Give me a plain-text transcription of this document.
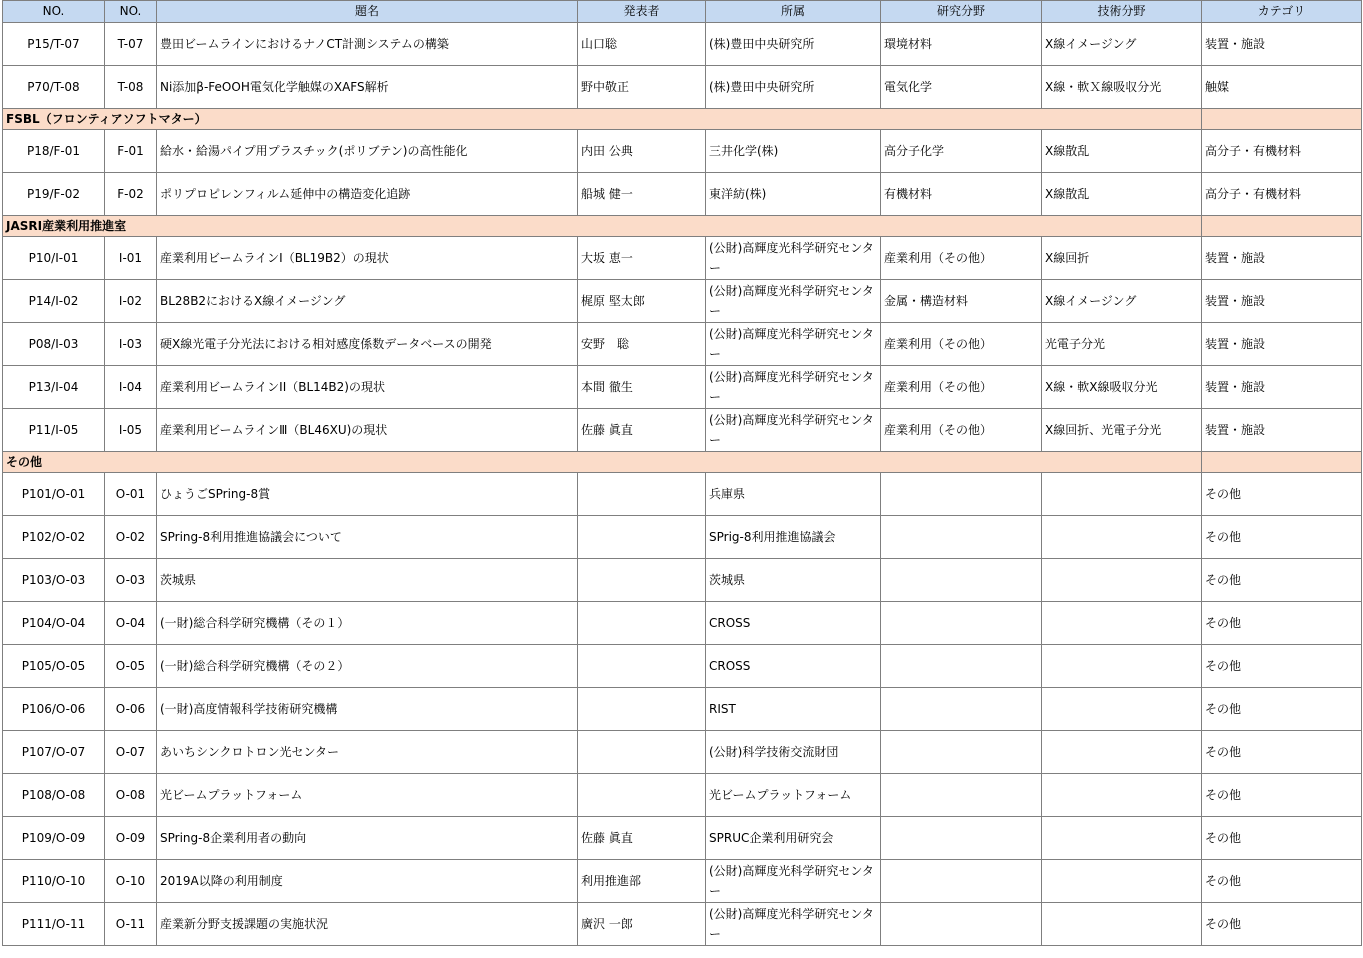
NO.	NO.	題名	発表者	所属	研究分野	技術分野	カテゴリ
P15/T-07	T-07	豊田ビームラインにおけるナノCT計測システムの構築	山口聡	(株)豊田中央研究所	環境材料	X線イメージング	装置・施設
P70/T-08	T-08	Ni添加β-FeOOH電気化学触媒のXAFS解析	野中敬正	(株)豊田中央研究所	電気化学	X線・軟Ｘ線吸収分光	触媒
FSBL（フロンティアソフトマター）							
P18/F-01	F-01	給水・給湯パイプ用プラスチック(ポリブテン)の高性能化	内田 公典	三井化学(株)	高分子化学	X線散乱	高分子・有機材料
P19/F-02	F-02	ポリプロピレンフィルム延伸中の構造変化追跡	船城 健一	東洋紡(株)	有機材料	X線散乱	高分子・有機材料
JASRI産業利用推進室							
P10/I-01	I-01	産業利用ビームラインI（BL19B2）の現状	大坂 恵一	(公財)高輝度光科学研究センター	産業利用（その他）	X線回折	装置・施設
P14/I-02	I-02	BL28B2におけるX線イメージング	梶原 堅太郎	(公財)高輝度光科学研究センター	金属・構造材料	X線イメージング	装置・施設
P08/I-03	I-03	硬X線光電子分光法における相対感度係数データベースの開発	安野　聡	(公財)高輝度光科学研究センター	産業利用（その他）	光電子分光	装置・施設
P13/I-04	I-04	産業利用ビームラインII（BL14B2)の現状	本間 徹生	(公財)高輝度光科学研究センター	産業利用（その他）	X線・軟X線吸収分光	装置・施設
P11/I-05	I-05	産業利用ビームラインⅢ（BL46XU)の現状	佐藤 眞直	(公財)高輝度光科学研究センター	産業利用（その他）	X線回折、光電子分光	装置・施設
その他							
P101/O-01	O-01	ひょうごSPring-8賞		兵庫県			その他
P102/O-02	O-02	SPring-8利用推進協議会について		SPrig-8利用推進協議会			その他
P103/O-03	O-03	茨城県		茨城県			その他
P104/O-04	O-04	(一財)総合科学研究機構（その１）		CROSS			その他
P105/O-05	O-05	(一財)総合科学研究機構（その２）		CROSS			その他
P106/O-06	O-06	(一財)高度情報科学技術研究機構		RIST			その他
P107/O-07	O-07	あいちシンクロトロン光センター		(公財)科学技術交流財団			その他
P108/O-08	O-08	光ビームプラットフォーム		光ビームプラットフォーム			その他
P109/O-09	O-09	SPring-8企業利用者の動向	佐藤 眞直	SPRUC企業利用研究会			その他
P110/O-10	O-10	2019A以降の利用制度	利用推進部	(公財)高輝度光科学研究センター			その他
P111/O-11	O-11	産業新分野支援課題の実施状況	廣沢 一郎	(公財)高輝度光科学研究センター			その他
